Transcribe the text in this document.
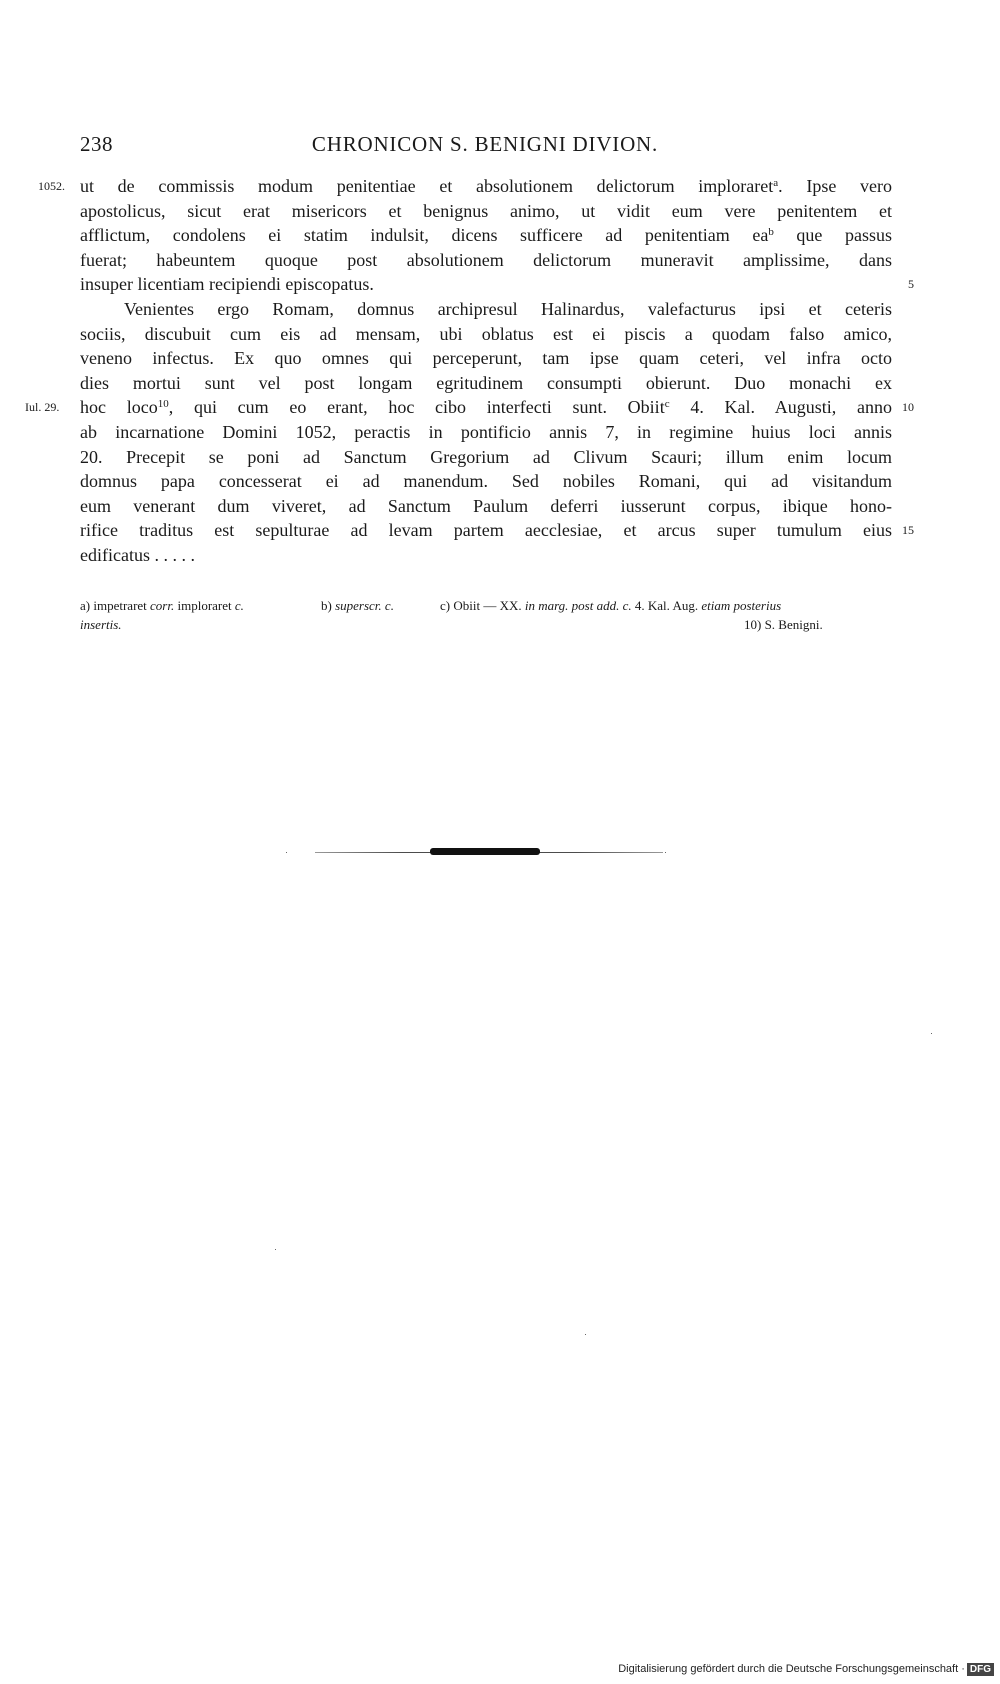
238	CHRONICON S. BENIGNI DIVION.
1052. ut de commissis modum penitentiae et absolutionem delictorum imploraret$^a$. Ipse vero
apostolicus, sicut erat misericors et benignus animo, ut vidit eum vere penitentem et
afflictum, condolens ei statim indulsit, dicens sufficere ad penitentiam $ea^b$ que passus
fuerat; habeuntem quoque post absolutionem delictorum muneravit amplissime, dans
insuper licentiam recipiendi episcopatus.	5
Venientes ergo Romam, domnus archipresul Halinardus, valefacturus ipsi et ceteris
sociis, discubuit cum eis ad mensam, ubi oblatus est ei piscis a quodam falso amico,
veneno infectus. Ex quo omnes qui perceperunt, tam ipse quam ceteri, vel infra octo
dies mortui sunt vel post longam egritudinem consumpti obierunt. Duo monachi ex
Iul. 29. hoc loco$^{10}$, qui cum eo erant, hoc cibo interfecti sunt. Obiit$^c$ 4. Kal. Augusti, anno 10
ab incarnatione Domini 1052, peractis in pontificio annis 7, in regimine huius loci annis
20. Precepit se poni ad Sanctum Gregorium ad Clivum Scauri; illum enim locum
domnus papa concesserat ei ad manendum. Sed nobiles Romani, qui ad visitandum
eum venerant dum viveret, ad Sanctum Paulum deferri iusserunt corpus, ibique hono-
rifice traditus est sepulturae ad levam partem aecclesiae, et arcus super tumulum eius 15
edificatus . . . . .
a) impetraret corr. imploraret c.	b) superscr. c.	c) Obiit — XX. in marg. post add. c. 4. Kal. Aug. etiam posterius
insertis.	10) S. Benigni.
Digitalisierung gefördert durch die Deutsche Forschungsgemeinschaft · DFG
